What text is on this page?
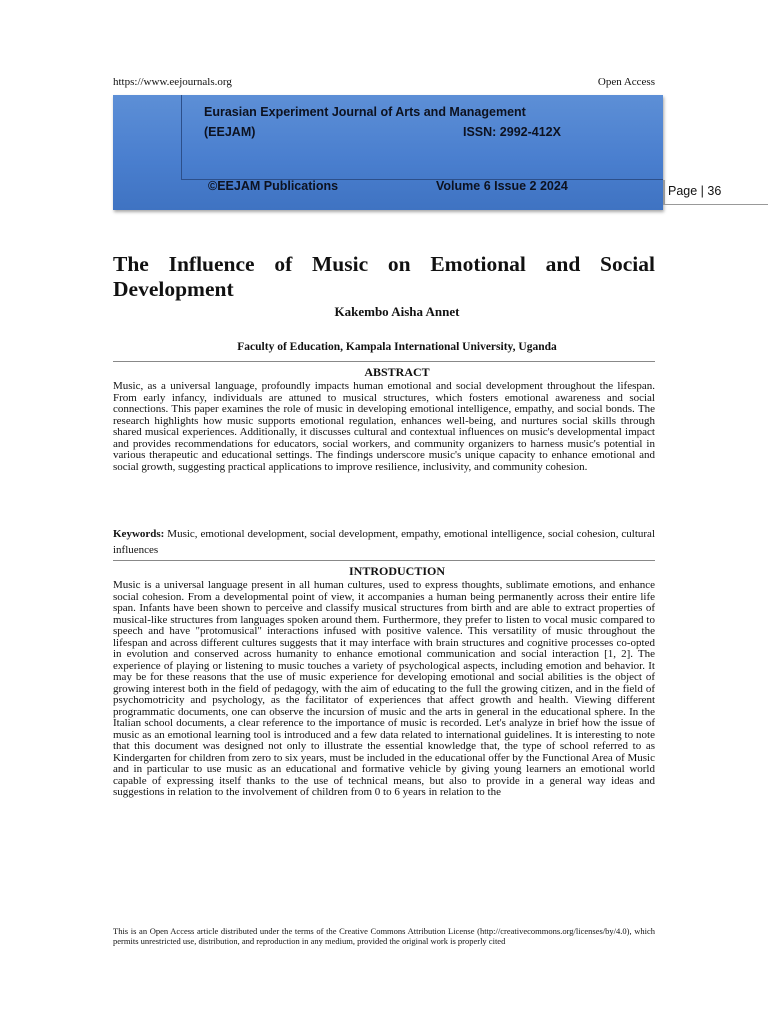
https://www.eejournals.org	Open Access
Eurasian Experiment Journal of Arts and Management
(EEJAM)	ISSN: 2992-412X
©EEJAM Publications	Volume 6 Issue 2 2024	Page | 36
The Influence of Music on Emotional and Social Development
Kakembo Aisha Annet
Faculty of Education, Kampala International University, Uganda
ABSTRACT

Music, as a universal language, profoundly impacts human emotional and social development throughout the lifespan. From early infancy, individuals are attuned to musical structures, which fosters emotional awareness and social connections. This paper examines the role of music in developing emotional intelligence, empathy, and social bonds. The research highlights how music supports emotional regulation, enhances well-being, and nurtures social skills through shared musical experiences. Additionally, it discusses cultural and contextual influences on music's developmental impact and provides recommendations for educators, social workers, and community organizers to harness music's potential in various therapeutic and educational settings. The findings underscore music's unique capacity to enhance emotional and social growth, suggesting practical applications to improve resilience, inclusivity, and community cohesion.

Keywords: Music, emotional development, social development, empathy, emotional intelligence, social cohesion, cultural influences

INTRODUCTION

Music is a universal language present in all human cultures, used to express thoughts, sublimate emotions, and enhance social cohesion. From a developmental point of view, it accompanies a human being permanently across their entire life span. Infants have been shown to perceive and classify musical structures from birth and are able to extract properties of musical-like structures from languages spoken around them. Furthermore, they prefer to listen to vocal music compared to speech and have "protomusical" interactions infused with positive valence. This versatility of music throughout the lifespan and across different cultures suggests that it may interface with brain structures and cognitive processes co-opted in evolution and conserved across humanity to enhance emotional communication and social interaction [1, 2]. The experience of playing or listening to music touches a variety of psychological aspects, including emotion and behavior. It may be for these reasons that the use of music experience for developing emotional and social abilities is the object of growing interest both in the field of pedagogy, with the aim of educating to the full the growing citizen, and in the field of psychomotricity and psychology, as the facilitator of experiences that affect growth and health. Viewing different programmatic documents, one can observe the incursion of music and the arts in general in the educational sphere. In the Italian school documents, a clear reference to the importance of music is recorded. Let's analyze in brief how the issue of music as an emotional learning tool is introduced and a few data related to international guidelines. It is interesting to note that this document was designed not only to illustrate the essential knowledge that, the type of school referred to as Kindergarten for children from zero to six years, must be included in the educational offer by the Functional Area of Music and in particular to use music as an educational and formative vehicle by giving young learners an emotional world capable of expressing itself thanks to the use of technical means, but also to provide in a general way ideas and suggestions in relation to the involvement of children from 0 to 6 years in relation to the

This is an Open Access article distributed under the terms of the Creative Commons Attribution License (http://creativecommons.org/licenses/by/4.0), which permits unrestricted use, distribution, and reproduction in any medium, provided the original work is properly cited
